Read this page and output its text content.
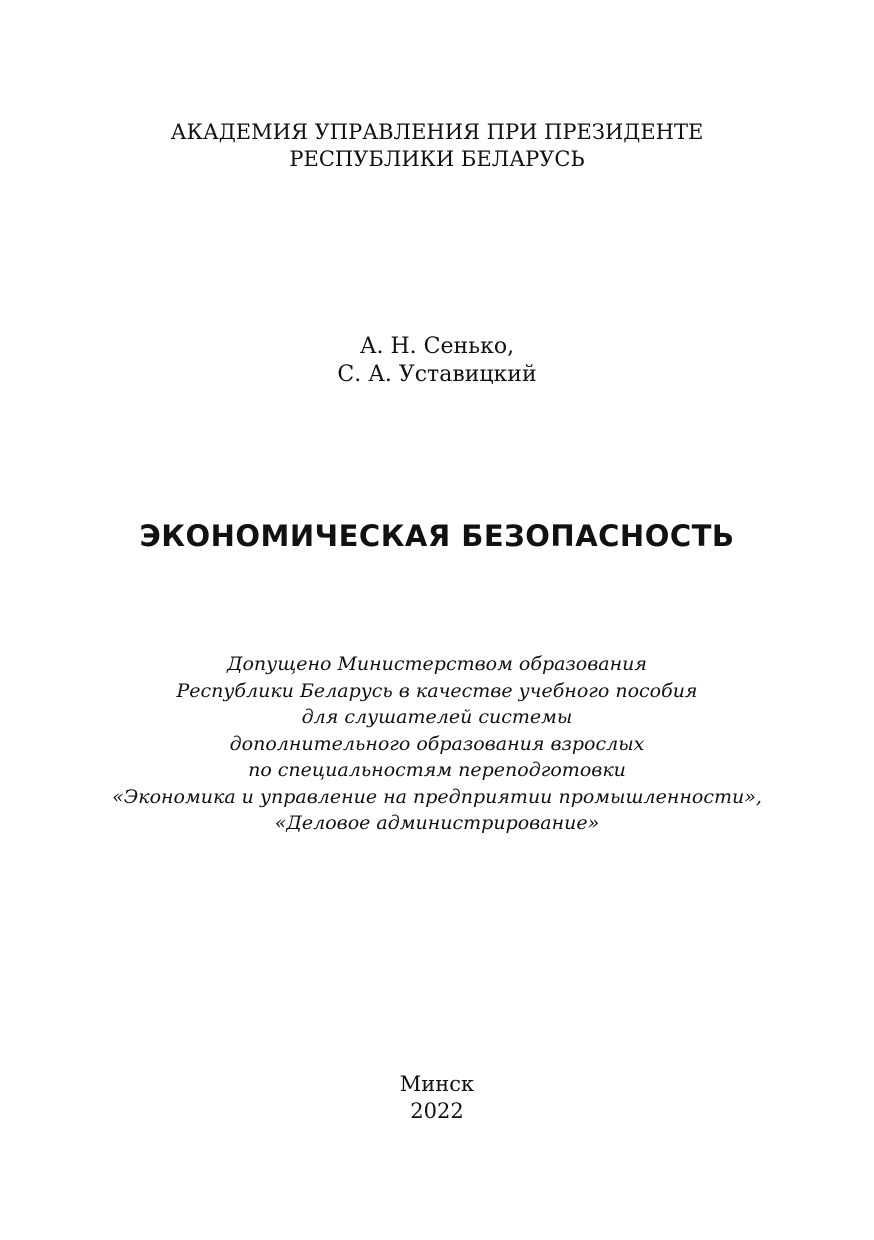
АКАДЕМИЯ УПРАВЛЕНИЯ ПРИ ПРЕЗИДЕНТЕ
РЕСПУБЛИКИ БЕЛАРУСЬ
А. Н. Сенько,
С. А. Уставицкий
ЭКОНОМИЧЕСКАЯ БЕЗОПАСНОСТЬ
Допущено Министерством образования
Республики Беларусь в качестве учебного пособия
для слушателей системы
дополнительного образования взрослых
по специальностям переподготовки
«Экономика и управление на предприятии промышленности»,
«Деловое администрирование»
Минск
2022
